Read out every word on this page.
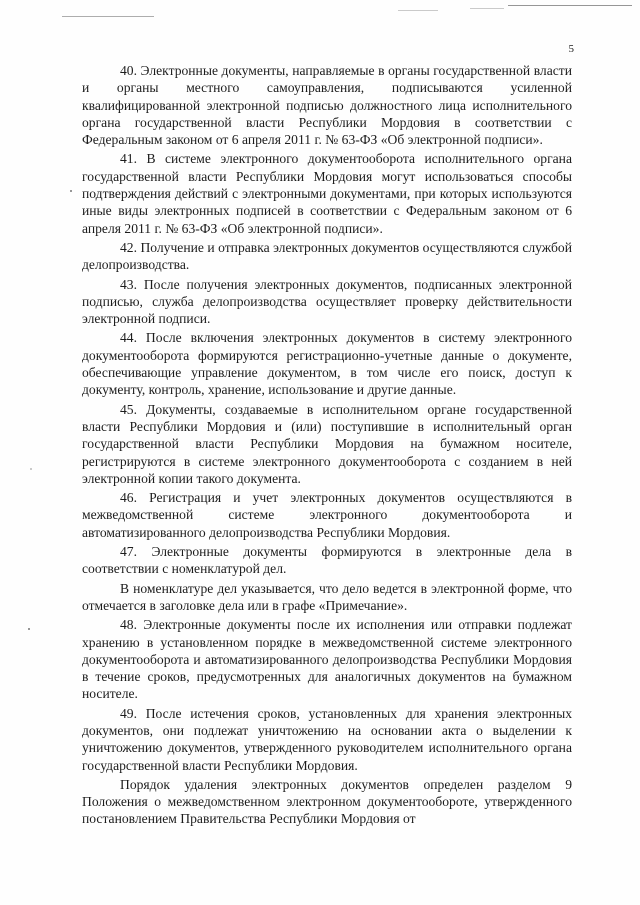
5

40. Электронные документы, направляемые в органы государственной власти и органы местного самоуправления, подписываются усиленной квалифицированной электронной подписью должностного лица исполнительного органа государственной власти Республики Мордовия в соответствии с Федеральным законом от 6 апреля 2011 г. № 63-ФЗ «Об электронной подписи».

41. В системе электронного документооборота исполнительного органа государственной власти Республики Мордовия могут использоваться способы подтверждения действий с электронными документами, при которых используются иные виды электронных подписей в соответствии с Федеральным законом от 6 апреля 2011 г. № 63-ФЗ «Об электронной подписи».

42. Получение и отправка электронных документов осуществляются службой делопроизводства.

43. После получения электронных документов, подписанных электронной подписью, служба делопроизводства осуществляет проверку действительности электронной подписи.

44. После включения электронных документов в систему электронного документооборота формируются регистрационно-учетные данные о документе, обеспечивающие управление документом, в том числе его поиск, доступ к документу, контроль, хранение, использование и другие данные.

45. Документы, создаваемые в исполнительном органе государственной власти Республики Мордовия и (или) поступившие в исполнительный орган государственной власти Республики Мордовия на бумажном носителе, регистрируются в системе электронного документооборота с созданием в ней электронной копии такого документа.

46. Регистрация и учет электронных документов осуществляются в межведомственной системе электронного документооборота и автоматизированного делопроизводства Республики Мордовия.

47. Электронные документы формируются в электронные дела в соответствии с номенклатурой дел.

В номенклатуре дел указывается, что дело ведется в электронной форме, что отмечается в заголовке дела или в графе «Примечание».

48. Электронные документы после их исполнения или отправки подлежат хранению в установленном порядке в межведомственной системе электронного документооборота и автоматизированного делопроизводства Республики Мордовия в течение сроков, предусмотренных для аналогичных документов на бумажном носителе.

49. После истечения сроков, установленных для хранения электронных документов, они подлежат уничтожению на основании акта о выделении к уничтожению документов, утвержденного руководителем исполнительного органа государственной власти Республики Мордовия.

Порядок удаления электронных документов определен разделом 9 Положения о межведомственном электронном документообороте, утвержденного постановлением Правительства Республики Мордовия от
